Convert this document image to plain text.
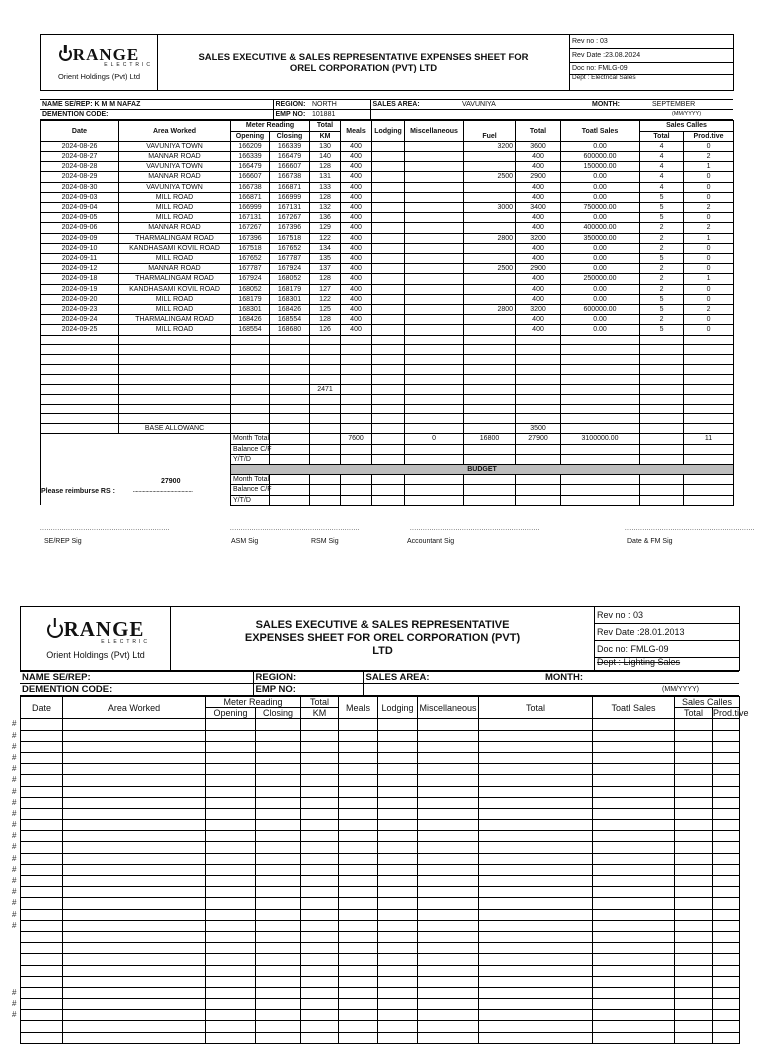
RANGE
ELECTRIC
Orient Holdings (Pvt) Ltd
	SALES EXECUTIVE & SALES REPRESENTATIVE EXPENSES SHEET FOR OREL CORPORATION (PVT) LTD	
Rev no : 03
Rev Date :23.08.2024
Doc no: FMLG-09
Dept : Electrical Sales
NAME SE/REP: K M M NAFAZ	REGION:	NORTH	SALES AREA:	VAVUNIYA	MONTH:	SEPTEMBER
DEMENTION CODE:	EMP NO:	101881				(MM/YYYY)
Date	Area Worked	Meter Reading		Total	Meals	Lodging	Miscellaneous	Fuel	Total	Toatl Sales	Sales Calles	
		Opening	Closing	KM							Total	Prod.tive
2024-08-26	VAVUNIYA TOWN	166209	166339	130	400			3200	3600	0.00	4	0
2024-08-27	MANNAR ROAD	166339	166479	140	400				400	600000.00	4	2
2024-08-28	VAVUNIYA TOWN	166479	166607	128	400				400	150000.00	4	1
2024-08-29	MANNAR ROAD	166607	166738	131	400			2500	2900	0.00	4	0
2024-08-30	VAVUNIYA TOWN	166738	166871	133	400				400	0.00	4	0
2024-09-03	MILL ROAD	166871	166999	128	400				400	0.00	5	0
2024-09-04	MILL ROAD	166999	167131	132	400			3000	3400	750000.00	5	2
2024-09-05	MILL ROAD	167131	167267	136	400				400	0.00	5	0
2024-09-06	MANNAR ROAD	167267	167396	129	400				400	400000.00	2	2
2024-09-09	THARMALINGAM ROAD	167396	167518	122	400			2800	3200	350000.00	2	1
2024-09-10	KANDHASAMI KOVIL ROAD	167518	167652	134	400				400	0.00	2	0
2024-09-11	MILL ROAD	167652	167787	135	400				400	0.00	5	0
2024-09-12	MANNAR ROAD	167787	167924	137	400			2500	2900	0.00	2	0
2024-09-18	THARMALINGAM ROAD	167924	168052	128	400				400	250000.00	2	1
2024-09-19	KANDHASAMI KOVIL ROAD	168052	168179	127	400				400	0.00	2	0
2024-09-20	MILL ROAD	168179	168301	122	400				400	0.00	5	0
2024-09-23	MILL ROAD	168301	168426	125	400			2800	3200	600000.00	5	2
2024-09-24	THARMALINGAM ROAD	168426	168554	128	400				400	0.00	2	0
2024-09-25	MILL ROAD	168554	168680	126	400				400	0.00	5	0

				2471								

	BASE ALLOWANC								3500			
		Month Total			7600		0	16800	27900	3100000.00		11
		Balance C/F										
		Y/T/D										

27900
Please reimburse RS : ...........................................		BUDGET										
		Month Total										
		Balance C/F										
		Y/T/D										
............................................................	............................................................	............................................................	............................................................
SE/REP Sig	ASM Sig	RSM Sig	Accountant Sig	Date & FM Sig
RANGE
ELECTRIC
Orient Holdings (Pvt) Ltd
	SALES EXECUTIVE & SALES REPRESENTATIVE EXPENSES SHEET FOR OREL CORPORATION (PVT) LTD	
Rev no : 03
Rev Date :28.01.2013
Doc no: FMLG-09
Dept : Lighting Sales
NAME SE/REP:	REGION:	SALES AREA:	MONTH:
DEMENTION CODE:	EMP NO:		(MM/YYYY)
Date	Area Worked	Meter Reading		Total	Meals	Lodging	Miscellaneous	Total	Toatl Sales	Sales Calles	
		Opening	Closing	KM						Total	Prod.tive

#
#
#
#
#
#
#
#
#
#
#
#
#
#
#
#
#
#
#
#
#
#
